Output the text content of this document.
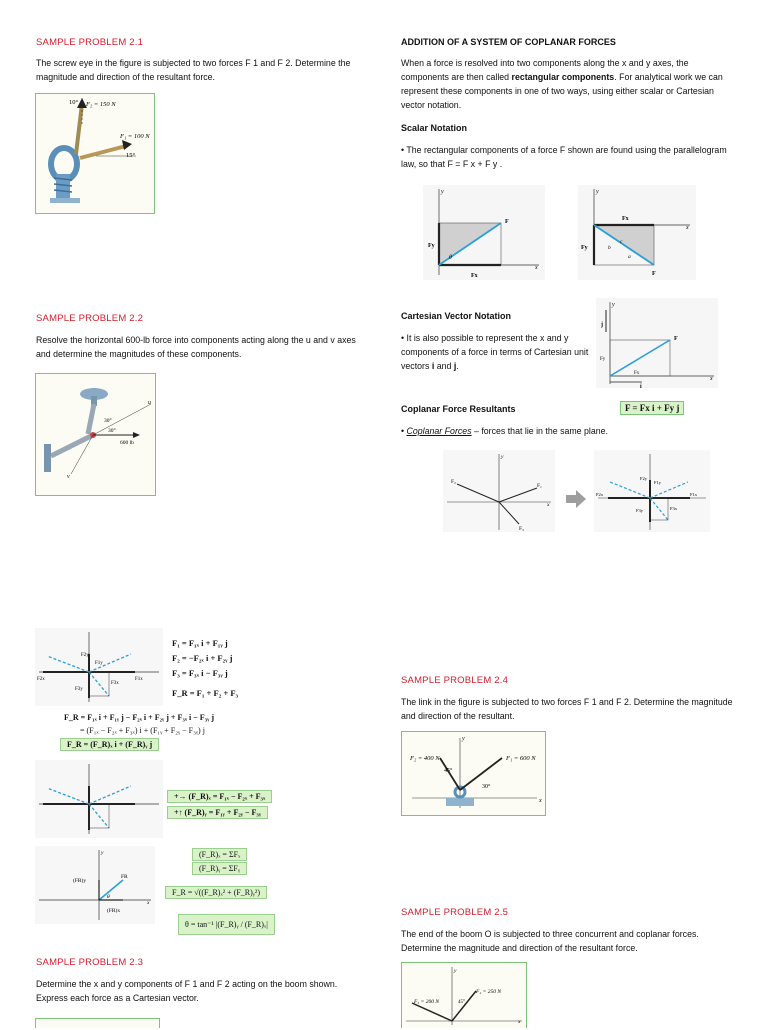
SAMPLE PROBLEM 2.1
The screw eye in the figure is subjected to two forces F 1 and F 2. Determine the magnitude and direction of the resultant force.
10° F₂ = 150 N
F₁ = 100 N
15°
SAMPLE PROBLEM 2.2
Resolve the horizontal 600-lb force into components acting along the u and v axes and determine the magnitudes of these components.
u
v
30°
30°
600 lb
F2y
F1y
F2x	F1x
F3y
F3x
F₁ = F₁ₓ i + F₁ᵧ j
F₂ = −F₂ₓ i + F₂ᵧ j
F₃ = F₃ₓ i − F₃ᵧ j
F_R = F₁ + F₂ + F₃
F_R = F₁ₓ i + F₁ᵧ j − F₂ₓ i + F₂ᵧ j + F₃ₓ i − F₃ᵧ j
= (F₁ₓ − F₂ₓ + F₃ₓ) i + (F₁ᵧ + F₂ᵧ − F₃ᵧ) j
F_R = (F_R)ₓ i + (F_R)ᵧ j
+→ (F_R)ₓ = F₁ₓ − F₂ₓ + F₃ₓ
+↑ (F_R)ᵧ = F₁ᵧ + F₂ᵧ − F₃ᵧ
(FR)y
(FR)x
FR
θ
x
y	(F_R)ₓ = ΣFₓ
(F_R)ᵧ = ΣFᵧ
F_R = √((F_R)ₓ² + (F_R)ᵧ²)
θ = tan⁻¹ |(F_R)ᵧ / (F_R)ₓ|
SAMPLE PROBLEM 2.3
Determine the x and y components of F 1 and F 2 acting on the boom shown. Express each force as a Cartesian vector.
ADDITION OF A SYSTEM OF COPLANAR FORCES
When a force is resolved into two components along the x and y axes, the components are then called rectangular components. For analytical work we can represent these components in one of two ways, using either scalar or Cartesian vector notation.
Scalar Notation
• The rectangular components of a force F shown are found using the parallelogram law, so that F = F x + F y .
y
x
F
Fy
Fx
θ
y
x
F
Fy
Fx
a
b
c
Cartesian Vector Notation
• It is also possible to represent the x and y components of a force in terms of Cartesian unit vectors i and j.
j
i
y
x
F
Fy
Fx
Coplanar Force Resultants	F = Fx i + Fy j
• Coplanar Forces – forces that lie in the same plane.
F₂
F₁
F₃
y
x
F2y
F1y
F2x	F1x
F3y	F3x
SAMPLE PROBLEM 2.4
The link in the figure is subjected to two forces F 1 and F 2. Determine the magnitude and direction of the resultant.
F₂ = 400 N	F₁ = 600 N
45°
30°
x
y
SAMPLE PROBLEM 2.5
The end of the boom O is subjected to three concurrent and coplanar forces. Determine the magnitude and direction of the resultant force.
F₃ = 200 N
F₂ = 250 N
45°
x
y
